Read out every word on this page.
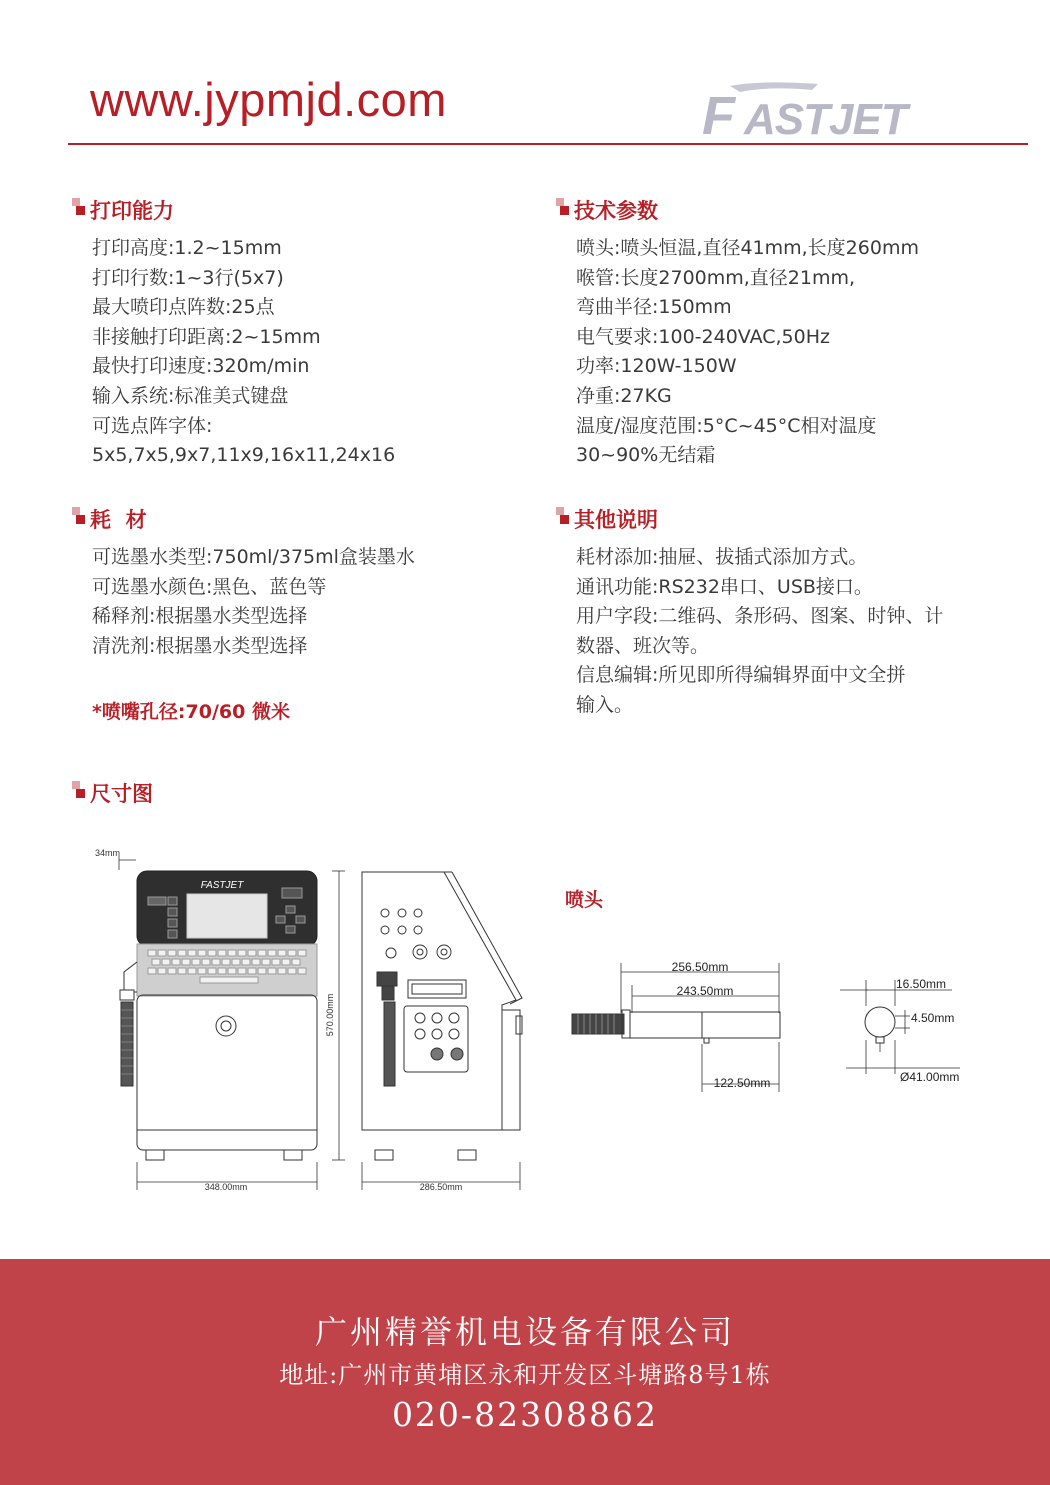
www.jypmjd.com	F ASTJET
打印能力
打印高度:1.2~15mm
打印行数:1~3行(5x7)
最大喷印点阵数:25点
非接触打印距离:2~15mm
最快打印速度:320m/min
输入系统:标准美式键盘
可选点阵字体:
5x5,7x5,9x7,11x9,16x11,24x16
技术参数
喷头:喷头恒温,直径41mm,长度260mm
喉管:长度2700mm,直径21mm,
弯曲半径:150mm
电气要求:100-240VAC,50Hz
功率:120W-150W
净重:27KG
温度/湿度范围:5°C~45°C相对温度
30~90%无结霜
耗  材
可选墨水类型:750ml/375ml盒装墨水
可选墨水颜色:黑色、蓝色等
稀释剂:根据墨水类型选择
清洗剂:根据墨水类型选择
*喷嘴孔径:70/60 微米
其他说明
耗材添加:抽屉、拔插式添加方式。
通讯功能:RS232串口、USB接口。
用户字段:二维码、条形码、图案、时钟、计
数器、班次等。
信息编辑:所见即所得编辑界面中文全拼
输入。
尺寸图
喷头
34mm
FASTJET
348.00mm
570.00mm
286.50mm
256.50mm
243.50mm
122.50mm
16.50mm
4.50mm
Ø41.00mm
广州精誉机电设备有限公司
地址:广州市黄埔区永和开发区斗塘路8号1栋
020-82308862
